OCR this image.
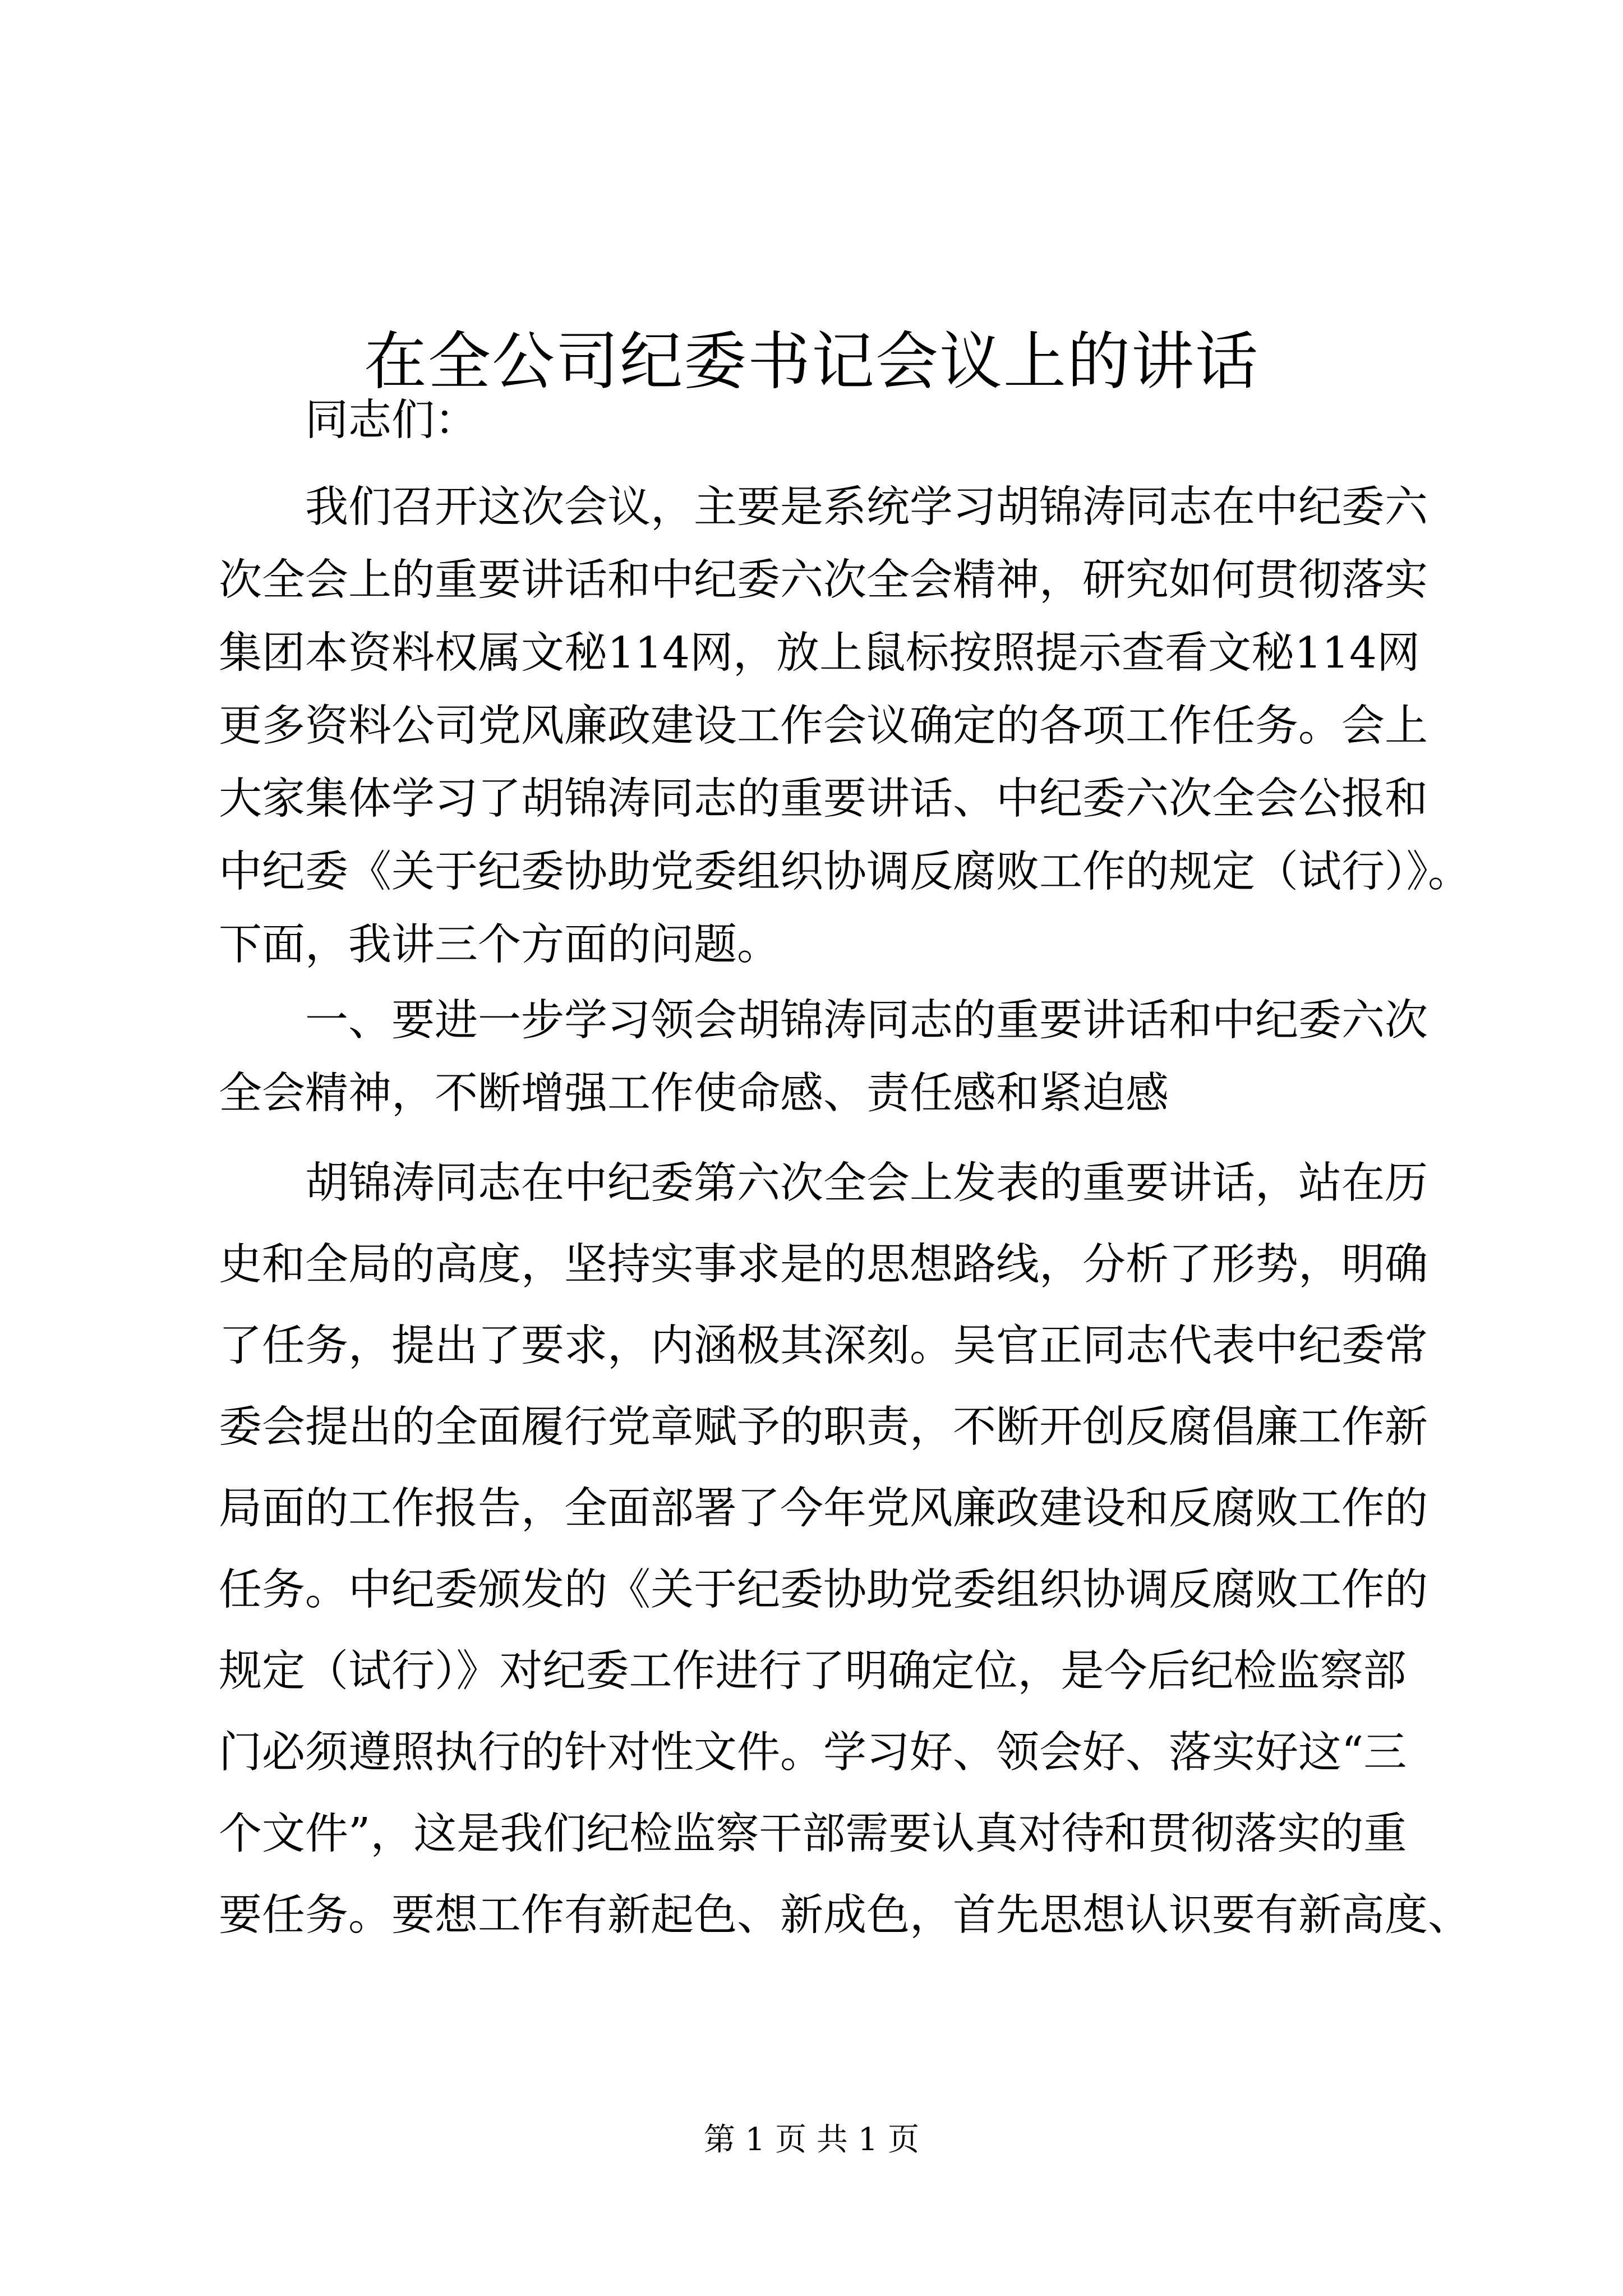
在全公司纪委书记会议上的讲话
同志们：
我们召开这次会议，主要是系统学习胡锦涛同志在中纪委六
次全会上的重要讲话和中纪委六次全会精神，研究如何贯彻落实
集团本资料权属文秘114网，放上鼠标按照提示查看文秘114网
更多资料公司党风廉政建设工作会议确定的各项工作任务。会上
大家集体学习了胡锦涛同志的重要讲话、中纪委六次全会公报和
中纪委《关于纪委协助党委组织协调反腐败工作的规定（试行）》。
下面，我讲三个方面的问题。
一、要进一步学习领会胡锦涛同志的重要讲话和中纪委六次
全会精神，不断增强工作使命感、责任感和紧迫感
胡锦涛同志在中纪委第六次全会上发表的重要讲话，站在历
史和全局的高度，坚持实事求是的思想路线，分析了形势，明确
了任务，提出了要求，内涵极其深刻。吴官正同志代表中纪委常
委会提出的全面履行党章赋予的职责，不断开创反腐倡廉工作新
局面的工作报告，全面部署了今年党风廉政建设和反腐败工作的
任务。中纪委颁发的《关于纪委协助党委组织协调反腐败工作的
规定（试行）》对纪委工作进行了明确定位，是今后纪检监察部
门必须遵照执行的针对性文件。学习好、领会好、落实好这“三
个文件”，这是我们纪检监察干部需要认真对待和贯彻落实的重
要任务。要想工作有新起色、新成色，首先思想认识要有新高度、
第 1 页 共 1 页
